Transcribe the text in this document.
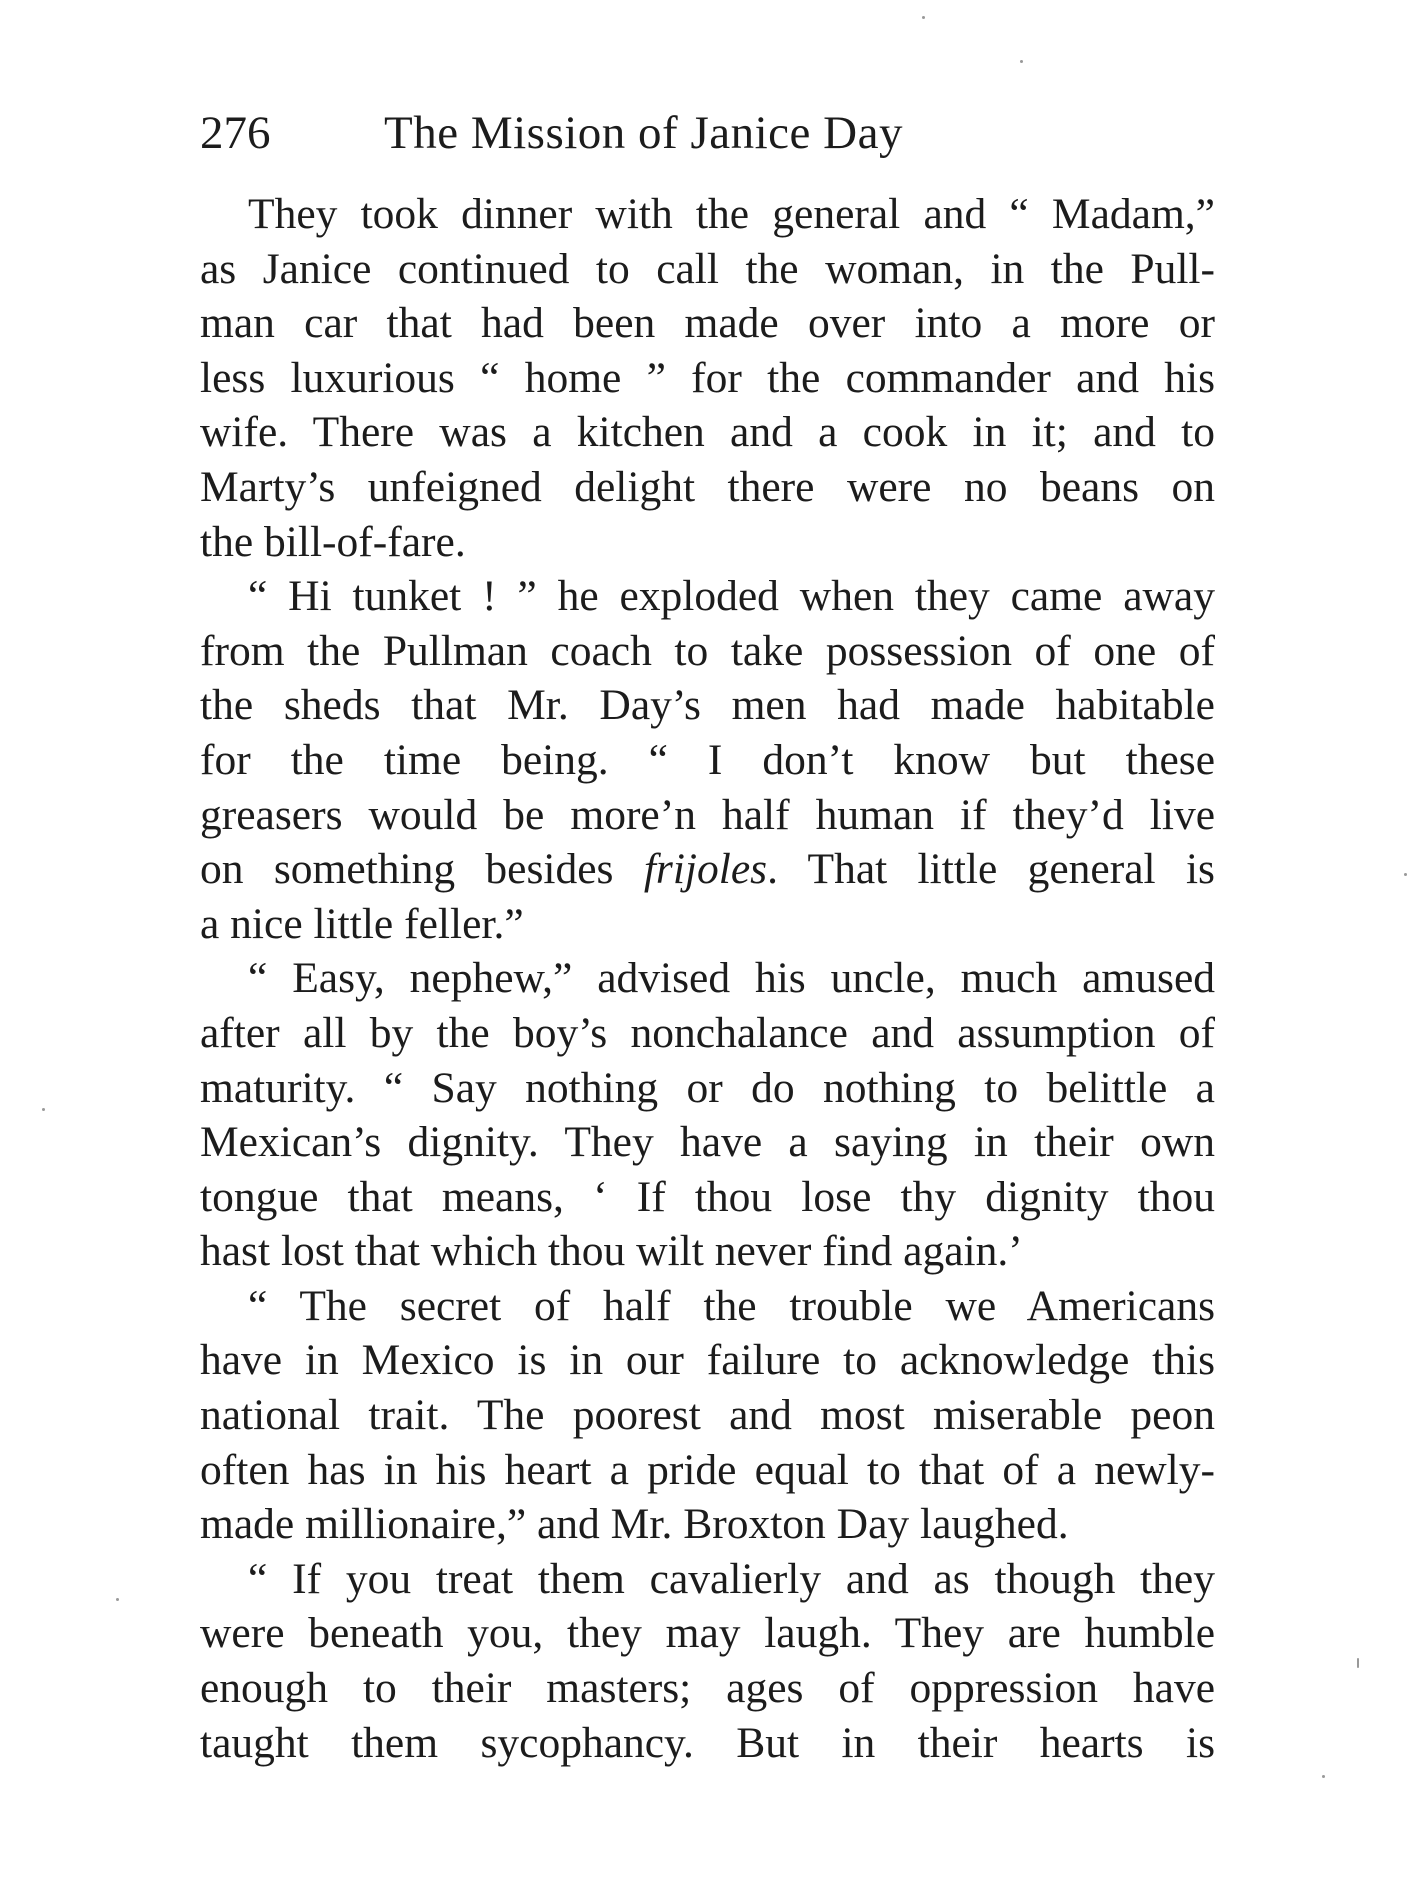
276 The Mission of Janice Day
They took dinner with the general and “ Madam,”
as Janice continued to call the woman, in the Pull-
man car that had been made over into a more or
less luxurious “ home ” for the commander and his
wife. There was a kitchen and a cook in it; and to
Marty’s unfeigned delight there were no beans on
the bill-of-fare.
“ Hi tunket ! ” he exploded when they came away
from the Pullman coach to take possession of one of
the sheds that Mr. Day’s men had made habitable
for the time being. “ I don’t know but these
greasers would be more’n half human if they’d live
on something besides frijoles. That little general is
a nice little feller.”
“ Easy, nephew,” advised his uncle, much amused
after all by the boy’s nonchalance and assumption of
maturity. “ Say nothing or do nothing to belittle a
Mexican’s dignity. They have a saying in their own
tongue that means, ‘ If thou lose thy dignity thou
hast lost that which thou wilt never find again.’
“ The secret of half the trouble we Americans
have in Mexico is in our failure to acknowledge this
national trait. The poorest and most miserable peon
often has in his heart a pride equal to that of a newly-
made millionaire,” and Mr. Broxton Day laughed.
“ If you treat them cavalierly and as though they
were beneath you, they may laugh. They are humble
enough to their masters; ages of oppression have
taught them sycophancy. But in their hearts is
